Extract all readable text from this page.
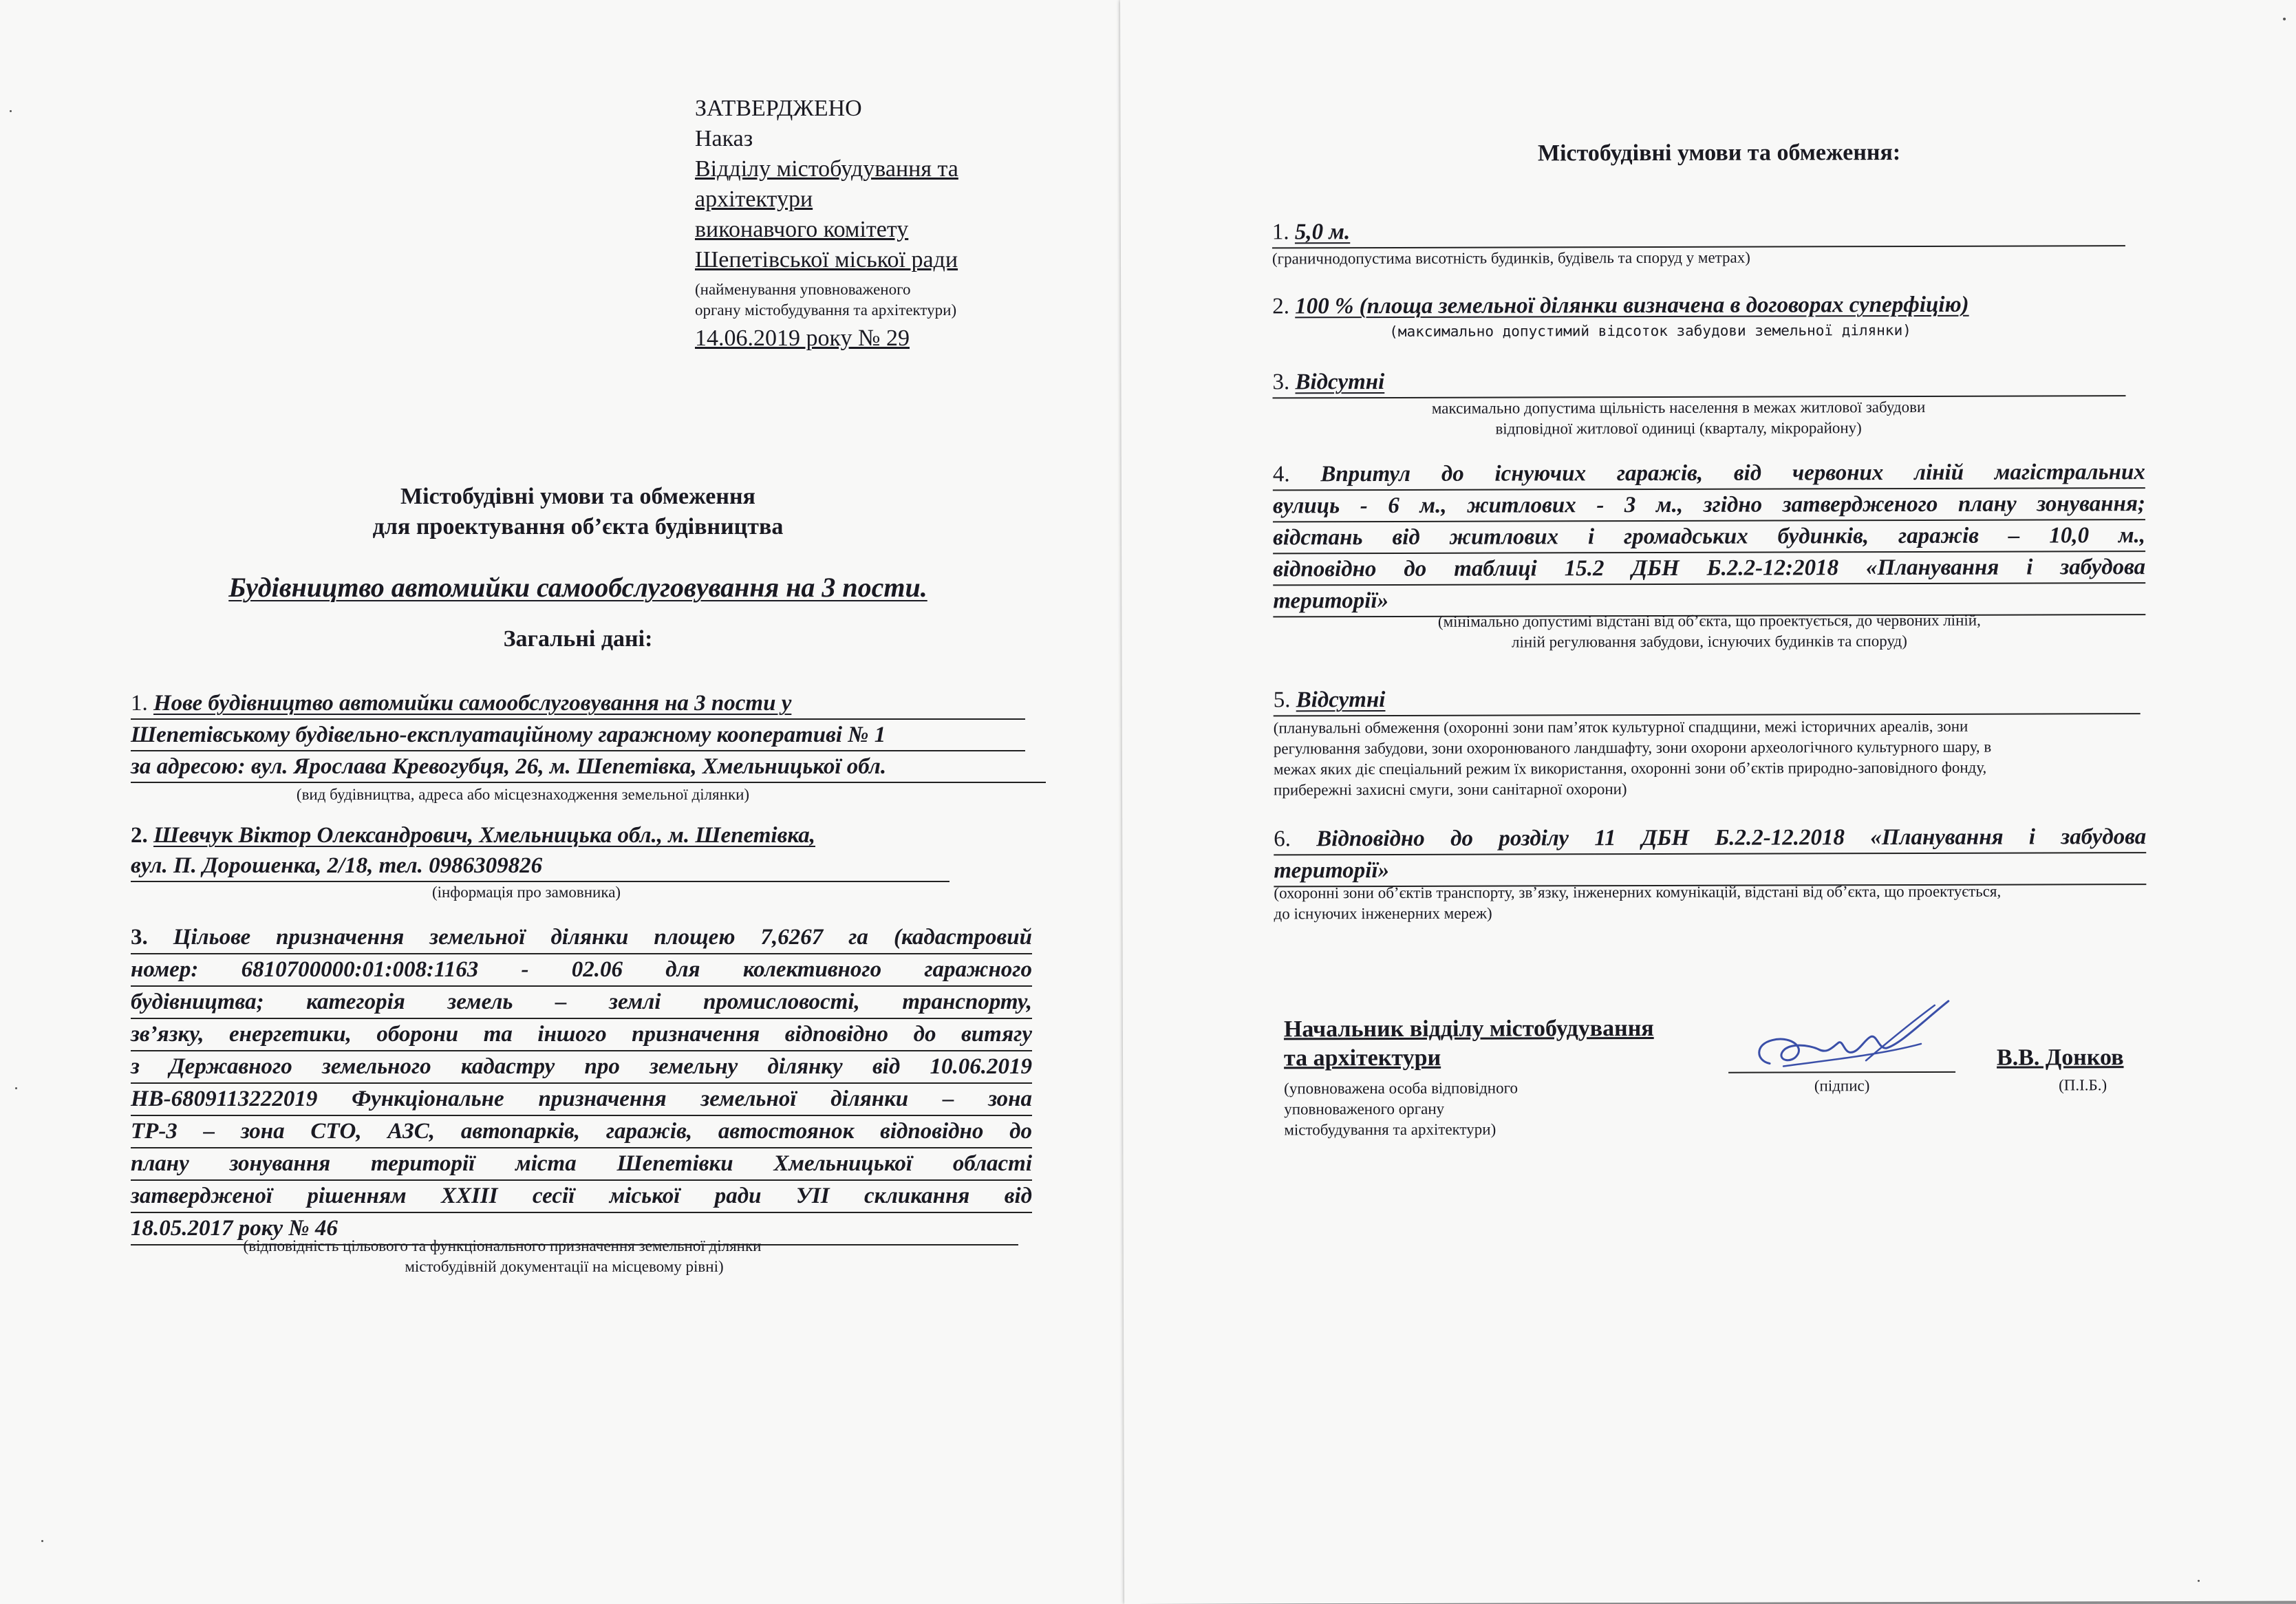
ЗАТВЕРДЖЕНО
Наказ
Відділу містобудування та
архітектури
виконавчого комітету
Шепетівської міської ради
(найменування уповноваженого
органу містобудування та архітектури)
14.06.2019 року № 29
Містобудівні умови та обмеження
для проектування об’єкта будівництва
Будівництво автомийки самообслуговування на 3 пости.
Загальні дані:
1. Нове будівництво автомийки самообслуговування на 3 пости у
Шепетівському будівельно-експлуатаційному гаражному кооперативі № 1
за адресою: вул. Ярослава Кревогубця, 26, м. Шепетівка, Хмельницької обл.
(вид будівництва, адреса або місцезнаходження земельної ділянки)
2. Шевчук Віктор Олександрович, Хмельницька обл., м. Шепетівка,
вул. П. Дорошенка, 2/18, тел. 0986309826
(інформація про замовника)
3. Цільове призначення земельної ділянки площею 7,6267 га (кадастровий
номер: 6810700000:01:008:1163 - 02.06 для колективного гаражного
будівництва; категорія земель – землі промисловості, транспорту,
зв’язку, енергетики, оборони та іншого призначення відповідно до витягу
з Державного земельного кадастру про земельну ділянку від 10.06.2019
НВ-6809113222019 Функціональне призначення земельної ділянки – зона
ТР-3 – зона СТО, АЗС, автопарків, гаражів, автостоянок відповідно до
плану зонування території міста Шепетівки Хмельницької області
затвердженої рішенням XXIII сесії міської ради УІІ скликання від
18.05.2017 року № 46
(відповідність цільового та функціонального призначення земельної ділянки
містобудівній документації на місцевому рівні)
Містобудівні умови та обмеження:
1. 5,0 м.
(граничнодопустима висотність будинків, будівель та споруд у метрах)
2. 100 % (площа земельної ділянки визначена в договорах суперфіцію)
(максимально допустимий відсоток забудови земельної ділянки)
3. Відсутні
максимально допустима щільність населення в межах житлової забудови
відповідної житлової одиниці (кварталу, мікрорайону)
4. Впритул до існуючих гаражів, від червоних ліній магістральних
вулиць - 6 м., житлових - 3 м., згідно затвердженого плану зонування;
відстань від житлових і громадських будинків, гаражів – 10,0 м.,
відповідно до таблиці 15.2 ДБН Б.2.2-12:2018 «Планування і забудова
території»
(мінімально допустимі відстані від об’єкта, що проектується, до червоних ліній,
ліній регулювання забудови, існуючих будинків та споруд)
5. Відсутні
(планувальні обмеження (охоронні зони пам’яток культурної спадщини, межі історичних ареалів, зони
регулювання забудови, зони охоронюваного ландшафту, зони охорони археологічного культурного шару, в
межах яких діє спеціальний режим їх використання, охоронні зони об’єктів природно-заповідного фонду,
прибережні захисні смуги, зони санітарної охорони)
6. Відповідно до розділу 11 ДБН Б.2.2-12.2018 «Планування і забудова
території»
(охоронні зони об’єктів транспорту, зв’язку, інженерних комунікацій, відстані від об’єкта, що проектується,
до існуючих інженерних мереж)
Начальник відділу містобудування
та архітектури
(уповноважена особа відповідного
уповноваженого органу
містобудування та архітектури)
(підпис)
В.В. Донков
(П.І.Б.)
